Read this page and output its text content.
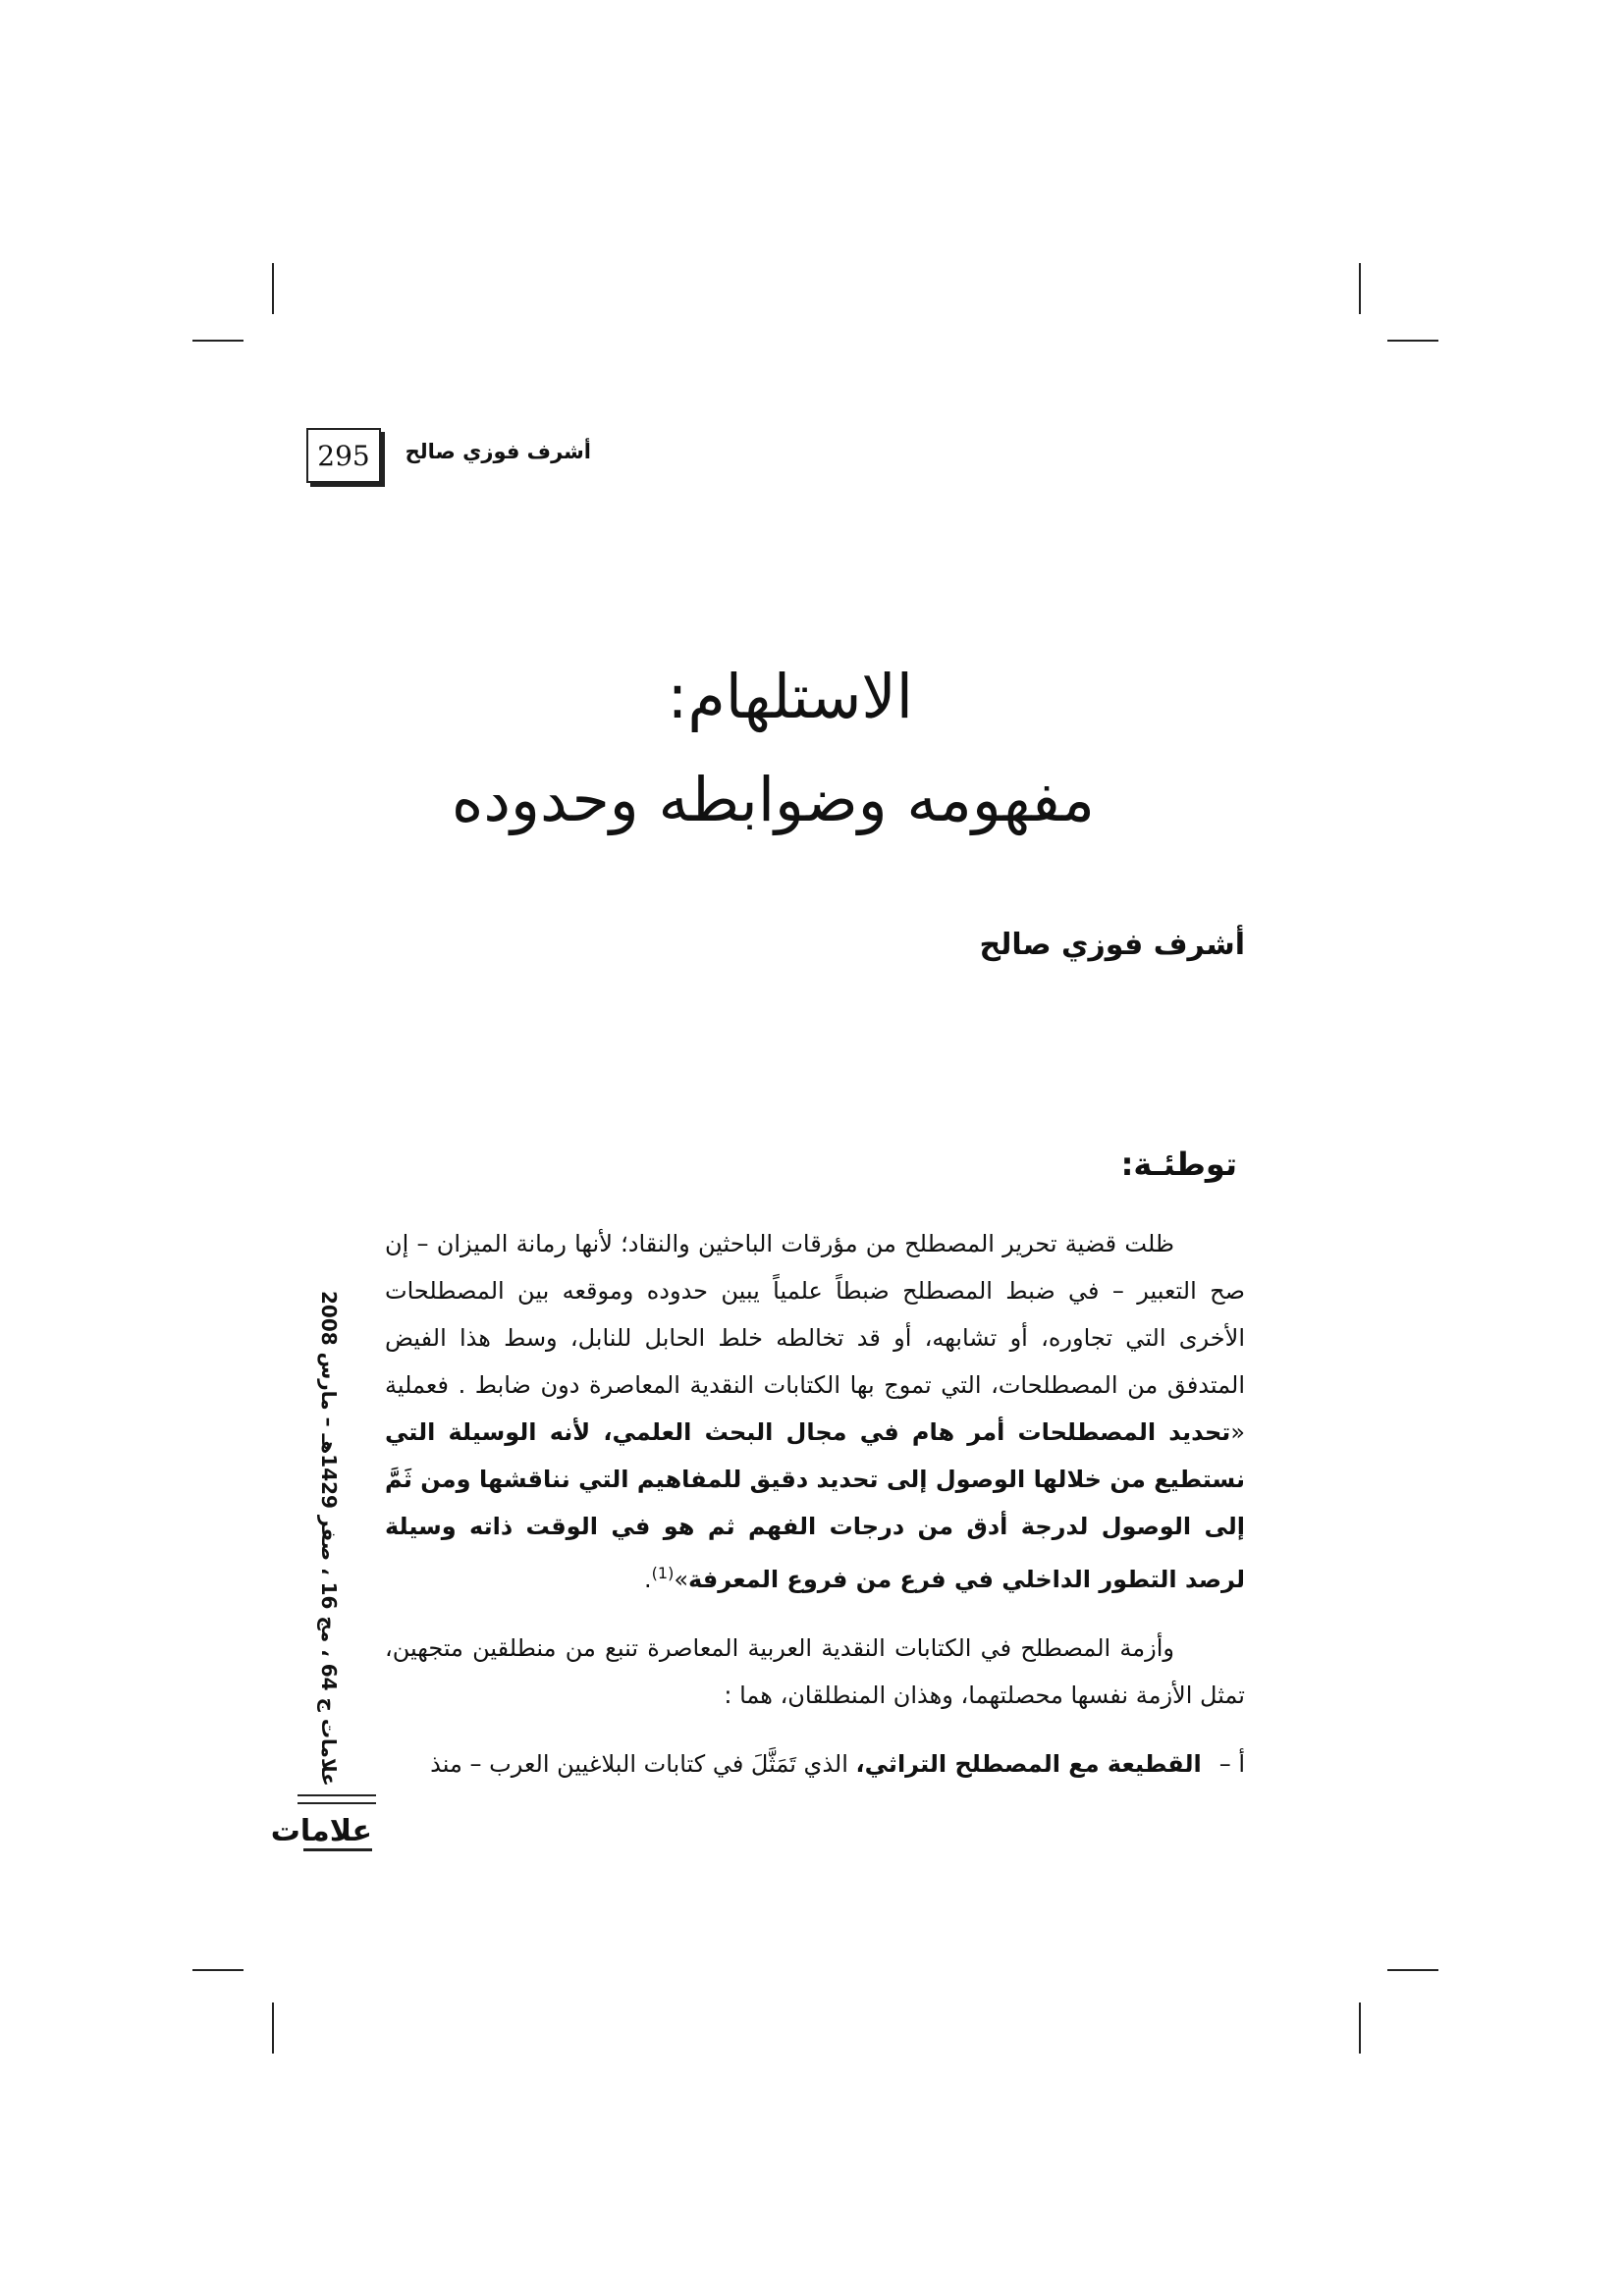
295	أشرف فوزي صالح
الاستلهام:
مفهومه وضوابطه وحدوده
أشرف فوزي صالح
توطئـة:

ظلت قضية تحرير المصطلح من مؤرقات الباحثين والنقاد؛ لأنها رمانة الميزان – إن صح التعبير – في ضبط المصطلح ضبطاً علمياً يبين حدوده وموقعه بين المصطلحات الأخرى التي تجاوره، أو تشابهه، أو قد تخالطه خلط الحابل للنابل، وسط هذا الفيض المتدفق من المصطلحات، التي تموج بها الكتابات النقدية المعاصرة دون ضابط . فعملية «تحديد المصطلحات أمر هام في مجال البحث العلمي، لأنه الوسيلة التي نستطيع من خلالها الوصول إلى تحديد دقيق للمفاهيم التي نناقشها ومن ثَمَّ إلى الوصول لدرجة أدق من درجات الفهم ثم هو في الوقت ذاته وسيلة لرصد التطور الداخلي في فرع من فروع المعرفة»$^{(1)}$.

وأزمة المصطلح في الكتابات النقدية العربية المعاصرة تنبع من منطلقين متجهين، تمثل الأزمة نفسها محصلتهما، وهذان المنطلقان، هما :

أ –القطيعة مع المصطلح التراثي، الذي تَمَثَّلَ في كتابات البلاغيين العرب – منذ
علامات ج 64 ، مج 16 ، صفر 1429هـ – مارس 2008
علامات
